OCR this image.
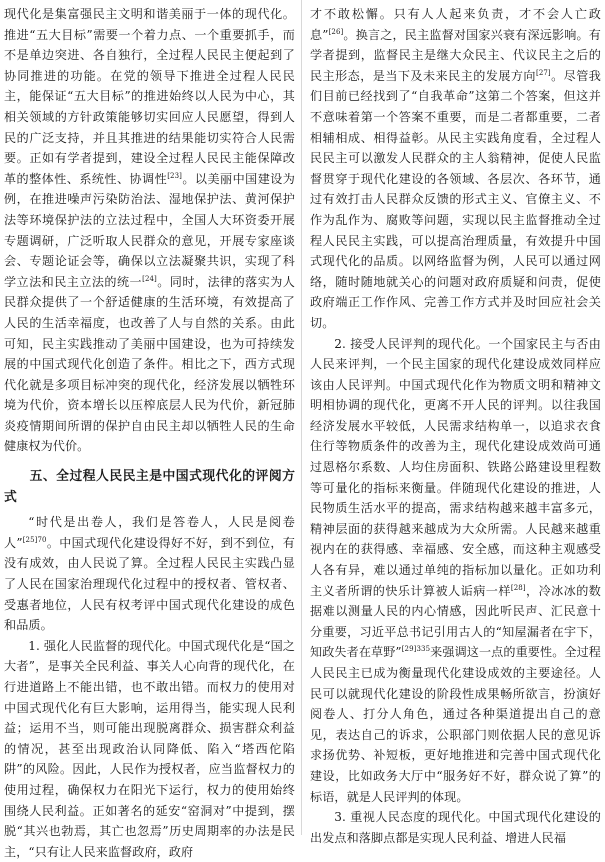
现代化是集富强民主文明和谐美丽于一体的现代化。推进“五大目标”需要一个着力点、一个重要抓手，而不是单边突进、各自独行，全过程人民民主便起到了协同推进的功能。在党的领导下推进全过程人民民主，能保证“五大目标”的推进始终以人民为中心，其相关领域的方针政策能够切实回应人民愿望，得到人民的广泛支持，并且其推进的结果能切实符合人民需要。正如有学者提到，建设全过程人民民主能保障改革的整体性、系统性、协调性[23]。以美丽中国建设为例，在推进噪声污染防治法、湿地保护法、黄河保护法等环境保护法的立法过程中，全国人大环资委开展专题调研，广泛听取人民群众的意见，开展专家座谈会、专题论证会等，确保以立法凝聚共识，实现了科学立法和民主立法的统一[24]。同时，法律的落实为人民群众提供了一个舒适健康的生活环境，有效提高了人民的生活幸福度，也改善了人与自然的关系。由此可知，民主实践推动了美丽中国建设，也为可持续发展的中国式现代化创造了条件。相比之下，西方式现代化就是多项目标冲突的现代化，经济发展以牺牲环境为代价，资本增长以压榨底层人民为代价，新冠肺炎疫情期间所谓的保护自由民主却以牺牲人民的生命健康权为代价。

五、全过程人民民主是中国式现代化的评阅方式

“时代是出卷人，我们是答卷人，人民是阅卷人”$^{[25]70}$。中国式现代化建设得好不好，到不到位，有没有成效，由人民说了算。全过程人民民主实践凸显了人民在国家治理现代化过程中的授权者、管权者、受惠者地位，人民有权考评中国式现代化建设的成色和品质。

1. 强化人民监督的现代化。中国式现代化是“国之大者”，是事关全民利益、事关人心向背的现代化，在行进道路上不能出错，也不敢出错。而权力的使用对中国式现代化有巨大影响，运用得当，能实现人民利益；运用不当，则可能出现脱离群众、损害群众利益的情况，甚至出现政治认同降低、陷入“塔西佗陷阱”的风险。因此，人民作为授权者，应当监督权力的使用过程，确保权力在阳光下运行，权力的使用始终围绕人民利益。正如著名的延安“窑洞对”中提到，摆脱“其兴也勃焉，其亡也忽焉”历史周期率的办法是民主，“只有让人民来监督政府，政府

才不敢松懈。只有人人起来负责，才不会人亡政息”[26]。换言之，民主监督对国家兴衰有深远影响。有学者提到，监督民主是继大众民主、代议民主之后的民主形态，是当下及未来民主的发展方向[27]。尽管我们目前已经找到了“自我革命”这第二个答案，但这并不意味着第一个答案不重要，而是二者都重要，二者相辅相成、相得益彰。从民主实践角度看，全过程人民民主可以激发人民群众的主人翁精神，促使人民监督贯穿于现代化建设的各领域、各层次、各环节，通过有效打击人民群众反馈的形式主义、官僚主义、不作为乱作为、腐败等问题，实现以民主监督推动全过程人民民主实践，可以提高治理质量，有效提升中国式现代化的品质。以网络监督为例，人民可以通过网络，随时随地就关心的问题对政府质疑和问责，促使政府端正工作作风、完善工作方式并及时回应社会关切。

2. 接受人民评判的现代化。一个国家民主与否由人民来评判，一个民主国家的现代化建设成效同样应该由人民评判。中国式现代化作为物质文明和精神文明相协调的现代化，更离不开人民的评判。以往我国经济发展水平较低，人民需求结构单一，以追求衣食住行等物质条件的改善为主，现代化建设成效尚可通过恩格尔系数、人均住房面积、铁路公路建设里程数等可量化的指标来衡量。伴随现代化建设的推进，人民物质生活水平的提高，需求结构越来越丰富多元，精神层面的获得越来越成为大众所需。人民越来越重视内在的获得感、幸福感、安全感，而这种主观感受人各有异，难以通过单纯的指标加以量化。正如功利主义者所谓的快乐计算被人诟病一样[28]，冷冰冰的数据难以测量人民的内心情感，因此听民声、汇民意十分重要，习近平总书记引用古人的“知屋漏者在宇下，知政失者在草野”$^{[29]335}$来强调这一点的重要性。全过程人民民主已成为衡量现代化建设成效的主要途径。人民可以就现代化建设的阶段性成果畅所欲言，扮演好阅卷人、打分人角色，通过各种渠道提出自己的意见，表达自己的诉求，公职部门则依据人民的意见诉求扬优势、补短板，更好地推进和完善中国式现代化建设，比如政务大厅中“服务好不好，群众说了算”的标语，就是人民评判的体现。

3. 重视人民态度的现代化。中国式现代化建设的出发点和落脚点都是实现人民利益、增进人民福
